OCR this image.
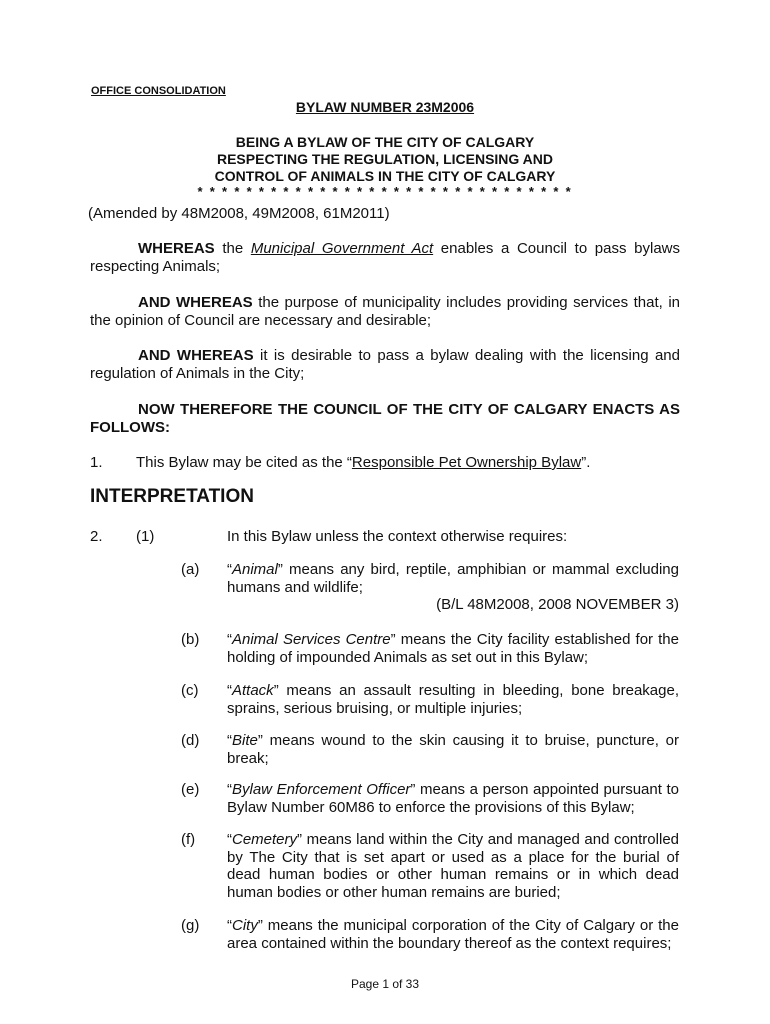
OFFICE CONSOLIDATION
BYLAW NUMBER 23M2006
BEING A BYLAW OF THE CITY OF CALGARY
RESPECTING THE REGULATION, LICENSING AND
CONTROL OF ANIMALS IN THE CITY OF CALGARY
* * * * * * * * * * * * * * * * * * * * * * * * * * * * * * *
(Amended by 48M2008, 49M2008, 61M2011)
WHEREAS the Municipal Government Act enables a Council to pass bylaws
respecting Animals;
AND WHEREAS the purpose of municipality includes providing services that, in
the opinion of Council are necessary and desirable;
AND WHEREAS it is desirable to pass a bylaw dealing with the licensing and
regulation of Animals in the City;
NOW THEREFORE THE COUNCIL OF THE CITY OF CALGARY ENACTS AS
FOLLOWS:
1. This Bylaw may be cited as the “Responsible Pet Ownership Bylaw”.
INTERPRETATION
2. (1)	In this Bylaw unless the context otherwise requires:
(a) “Animal” means any bird, reptile, amphibian or mammal excluding
humans and wildlife;
(B/L 48M2008, 2008 NOVEMBER 3)
(b) “Animal Services Centre” means the City facility established for the
holding of impounded Animals as set out in this Bylaw;
(c) “Attack” means an assault resulting in bleeding, bone breakage,
sprains, serious bruising, or multiple injuries;
(d) “Bite” means wound to the skin causing it to bruise, puncture, or
break;
(e) “Bylaw Enforcement Officer” means a person appointed pursuant to
Bylaw Number 60M86 to enforce the provisions of this Bylaw;
(f) “Cemetery” means land within the City and managed and controlled
by The City that is set apart or used as a place for the burial of
dead human bodies or other human remains or in which dead
human bodies or other human remains are buried;
(g) “City” means the municipal corporation of the City of Calgary or the
area contained within the boundary thereof as the context requires;
Page 1 of 33
